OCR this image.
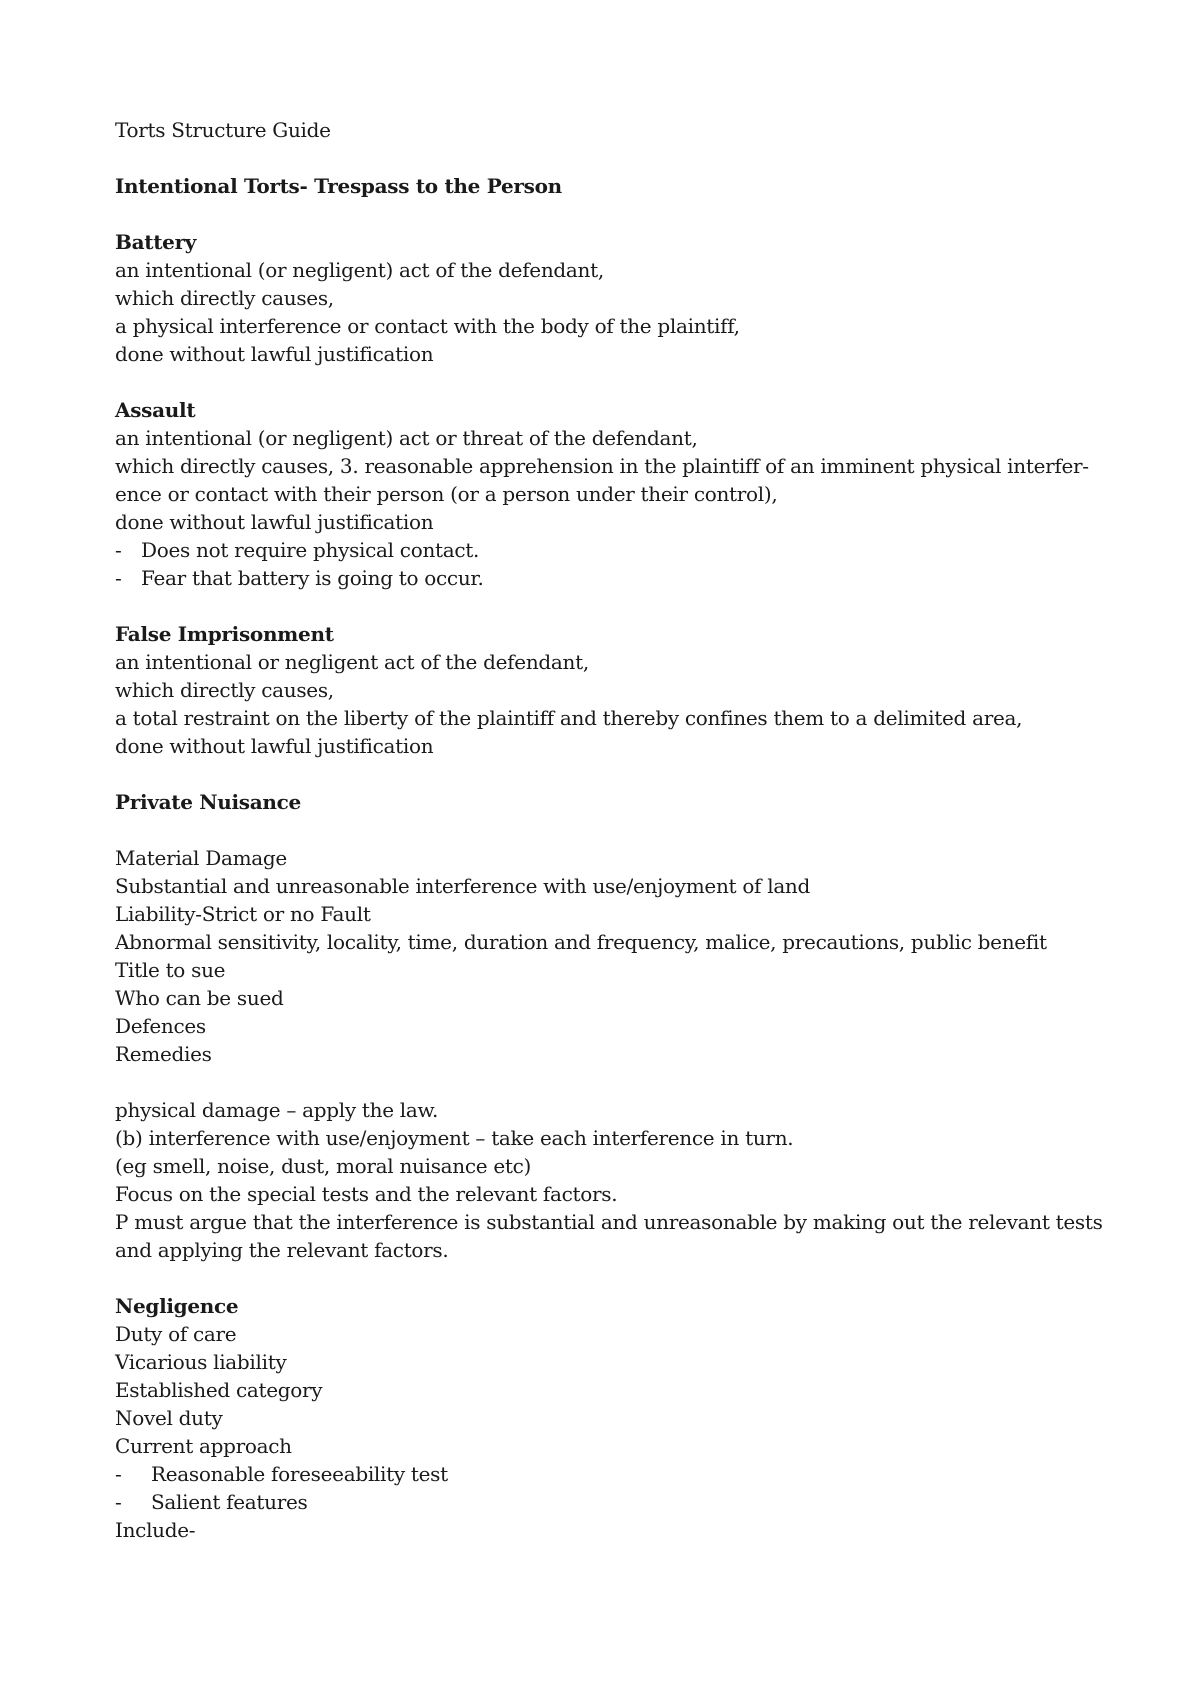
Torts Structure Guide

Intentional Torts- Trespass to the Person

Battery

an intentional (or negligent) act of the defendant,

which directly causes,

a physical interference or contact with the body of the plaintiff,

done without lawful justification

Assault

an intentional (or negligent) act or threat of the defendant,

which directly causes, 3. reasonable apprehension in the plaintiff of an imminent physical interfer-

ence or contact with their person (or a person under their control),

done without lawful justification

- Does not require physical contact.

- Fear that battery is going to occur.

False Imprisonment

an intentional or negligent act of the defendant,

which directly causes,

a total restraint on the liberty of the plaintiff and thereby confines them to a delimited area,

done without lawful justification

Private Nuisance

Material Damage

Substantial and unreasonable interference with use/enjoyment of land

Liability-Strict or no Fault

Abnormal sensitivity, locality, time, duration and frequency, malice, precautions, public benefit

Title to sue

Who can be sued

Defences

Remedies

physical damage – apply the law.

(b) interference with use/enjoyment – take each interference in turn.

(eg smell, noise, dust, moral nuisance etc)

Focus on the special tests and the relevant factors.

P must argue that the interference is substantial and unreasonable by making out the relevant tests

and applying the relevant factors.

Negligence

Duty of care

Vicarious liability

Established category

Novel duty

Current approach

- Reasonable foreseeability test

- Salient features

Include-
